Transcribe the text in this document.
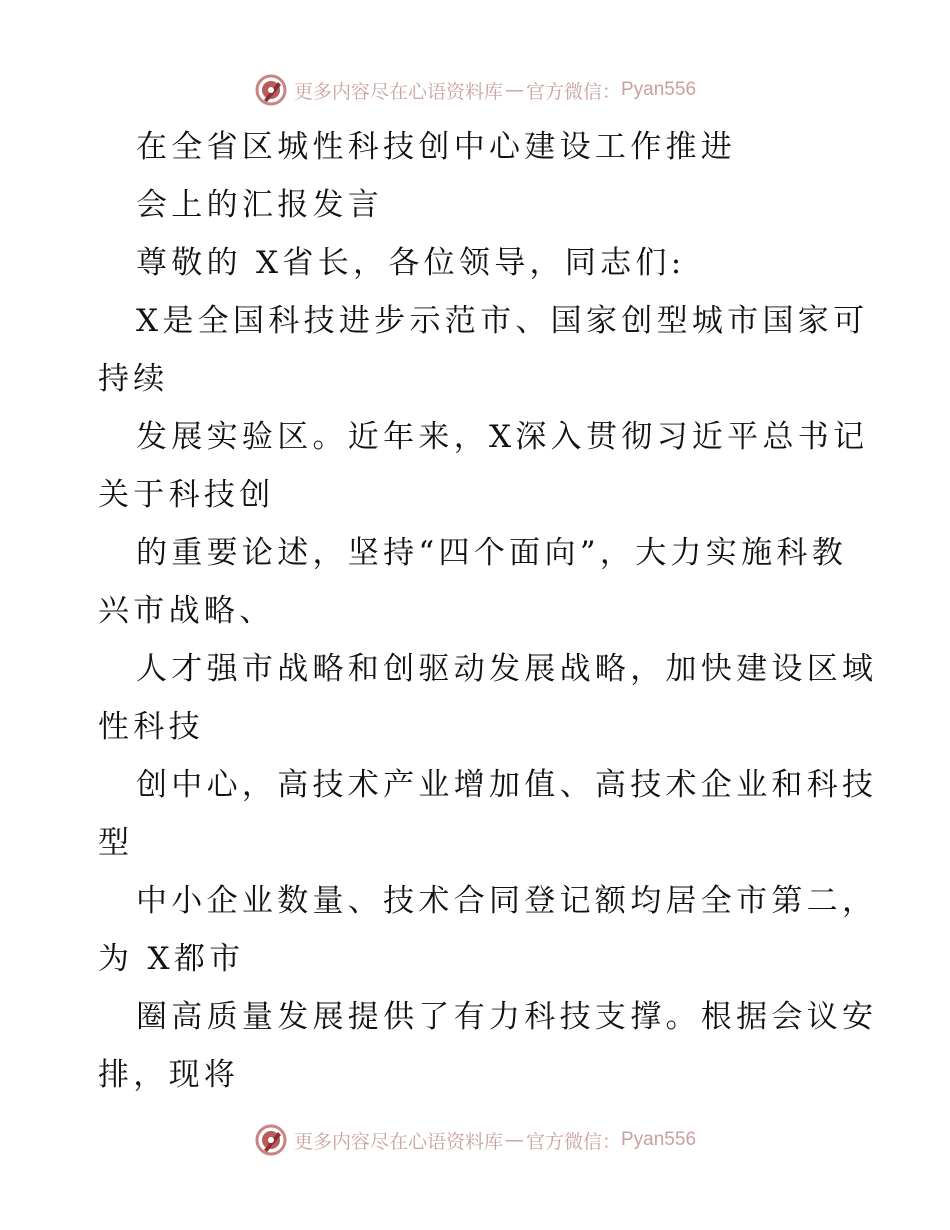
更多内容尽在心语资料库 — 官方微信： Pyan556
在全省区城性科技创中心建设工作推进
会上的汇报发言
尊敬的 X省长，各位领导，同志们:
X是全国科技进步示范市、国家创型城市国家可
持续
发展实验区。近年来，X深入贯彻习近平总书记
关于科技创
的重要论述，坚持“四个面向”，大力实施科教
兴市战略、
人才强市战略和创驱动发展战略，加快建设区域
性科技
创中心，高技术产业增加值、高技术企业和科技
型
中小企业数量、技术合同登记额均居全市第二，
为 X都市
圈高质量发展提供了有力科技支撑。根据会议安
排，现将
更多内容尽在心语资料库 — 官方微信： Pyan556
